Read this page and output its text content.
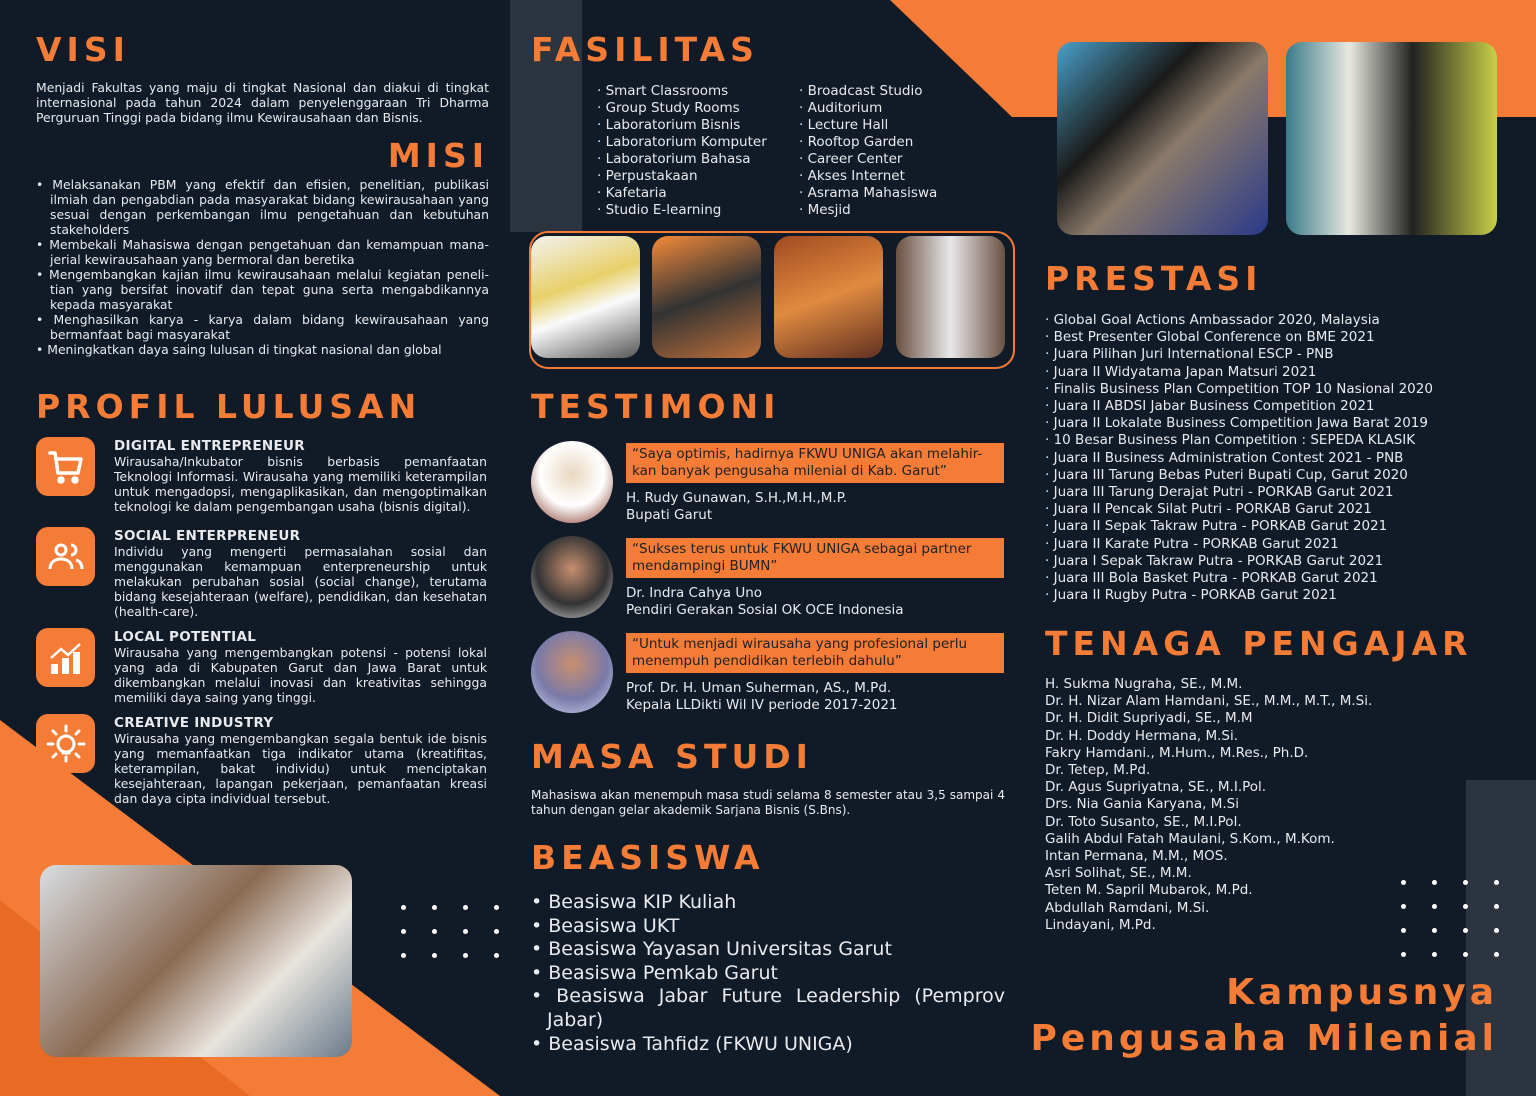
VISI
Menjadi Fakultas yang maju di tingkat Nasional dan diakui di tingkat internasional pada tahun 2024 dalam penyelenggaraan Tri Dharma Perguruan Tinggi pada bidang ilmu Kewirausahaan dan Bisnis.
MISI
• Melaksanakan PBM yang efektif dan efisien, penelitian, publikasi ilmiah dan pengabdian pada masyarakat bidang kewirausahaan yang sesuai dengan perkembangan ilmu pengetahuan dan kebutuhan stakeholders
• Membekali Mahasiswa dengan pengetahuan dan kemampuan mana-jerial kewirausahaan yang bermoral dan beretika
• Mengembangkan kajian ilmu kewirausahaan melalui kegiatan peneli-tian yang bersifat inovatif dan tepat guna serta mengabdikannya kepada masyarakat
• Menghasilkan karya - karya dalam bidang kewirausahaan yang bermanfaat bagi masyarakat
• Meningkatkan daya saing lulusan di tingkat nasional dan global
PROFIL LULUSAN
DIGITAL ENTREPRENEUR
Wirausaha/Inkubator bisnis berbasis pemanfaatan Teknologi Informasi. Wirausaha yang memiliki keterampilan untuk mengadopsi, mengaplikasikan, dan mengoptimalkan teknologi ke dalam pengembangan usaha (bisnis digital).
SOCIAL ENTERPRENEUR
Individu yang mengerti permasalahan sosial dan menggunakan kemampuan enterpreneurship untuk melakukan perubahan sosial (social change), terutama bidang kesejahteraan (welfare), pendidikan, dan kesehatan (health-care).
LOCAL POTENTIAL
Wirausaha yang mengembangkan potensi - potensi lokal yang ada di Kabupaten Garut dan Jawa Barat untuk dikembangkan melalui inovasi dan kreativitas sehingga memiliki daya saing yang tinggi.
CREATIVE INDUSTRY
Wirausaha yang mengembangkan segala bentuk ide bisnis yang memanfaatkan tiga indikator utama (kreatifitas, keterampilan, bakat individu) untuk menciptakan kesejahteraan, lapangan pekerjaan, pemanfaatan kreasi dan daya cipta individual tersebut.
FASILITAS
· Smart Classrooms
· Group Study Rooms
· Laboratorium Bisnis
· Laboratorium Komputer
· Laboratorium Bahasa
· Perpustakaan
· Kafetaria
· Studio E-learning
· Broadcast Studio
· Auditorium
· Lecture Hall
· Rooftop Garden
· Career Center
· Akses Internet
· Asrama Mahasiswa
· Mesjid
TESTIMONI
“Saya optimis, hadirnya FKWU UNIGA akan melahir-kan banyak pengusaha milenial di Kab. Garut”
H. Rudy Gunawan, S.H.,M.H.,M.P.
Bupati Garut
“Sukses terus untuk FKWU UNIGA sebagai partner mendampingi BUMN”
Dr. Indra Cahya Uno
Pendiri Gerakan Sosial OK OCE Indonesia
“Untuk menjadi wirausaha yang profesional perlu menempuh pendidikan terlebih dahulu”
Prof. Dr. H. Uman Suherman, AS., M.Pd.
Kepala LLDikti Wil IV periode 2017-2021
MASA STUDI
Mahasiswa akan menempuh masa studi selama 8 semester atau 3,5 sampai 4 tahun dengan gelar akademik Sarjana Bisnis (S.Bns).
BEASISWA
• Beasiswa KIP Kuliah
• Beasiswa UKT
• Beasiswa Yayasan Universitas Garut
• Beasiswa Pemkab Garut
• Beasiswa Jabar Future Leadership (Pemprov Jabar)
• Beasiswa Tahfidz (FKWU UNIGA)
PRESTASI
· Global Goal Actions Ambassador 2020, Malaysia
· Best Presenter Global Conference on BME 2021
· Juara Pilihan Juri International ESCP - PNB
· Juara II Widyatama Japan Matsuri 2021
· Finalis Business Plan Competition TOP 10 Nasional 2020
· Juara II ABDSI Jabar Business Competition 2021
· Juara II Lokalate Business Competition Jawa Barat 2019
· 10 Besar Business Plan Competition : SEPEDA KLASIK
· Juara II Business Administration Contest 2021 - PNB
· Juara III Tarung Bebas Puteri Bupati Cup, Garut 2020
· Juara III Tarung Derajat Putri - PORKAB Garut 2021
· Juara II Pencak Silat Putri - PORKAB Garut 2021
· Juara II Sepak Takraw Putra - PORKAB Garut 2021
· Juara II Karate Putra - PORKAB Garut 2021
· Juara I Sepak Takraw Putra - PORKAB Garut 2021
· Juara III Bola Basket Putra - PORKAB Garut 2021
· Juara II Rugby Putra - PORKAB Garut 2021
TENAGA PENGAJAR
H. Sukma Nugraha, SE., M.M.
Dr. H. Nizar Alam Hamdani, SE., M.M., M.T., M.Si.
Dr. H. Didit Supriyadi, SE., M.M
Dr. H. Doddy Hermana, M.Si.
Fakry Hamdani., M.Hum., M.Res., Ph.D.
Dr. Tetep, M.Pd.
Dr. Agus Supriyatna, SE., M.I.Pol.
Drs. Nia Gania Karyana, M.Si
Dr. Toto Susanto, SE., M.I.Pol.
Galih Abdul Fatah Maulani, S.Kom., M.Kom.
Intan Permana, M.M., MOS.
Asri Solihat, SE., M.M.
Teten M. Sapril Mubarok, M.Pd.
Abdullah Ramdani, M.Si.
Lindayani, M.Pd.
Kampusnya
Pengusaha Milenial
